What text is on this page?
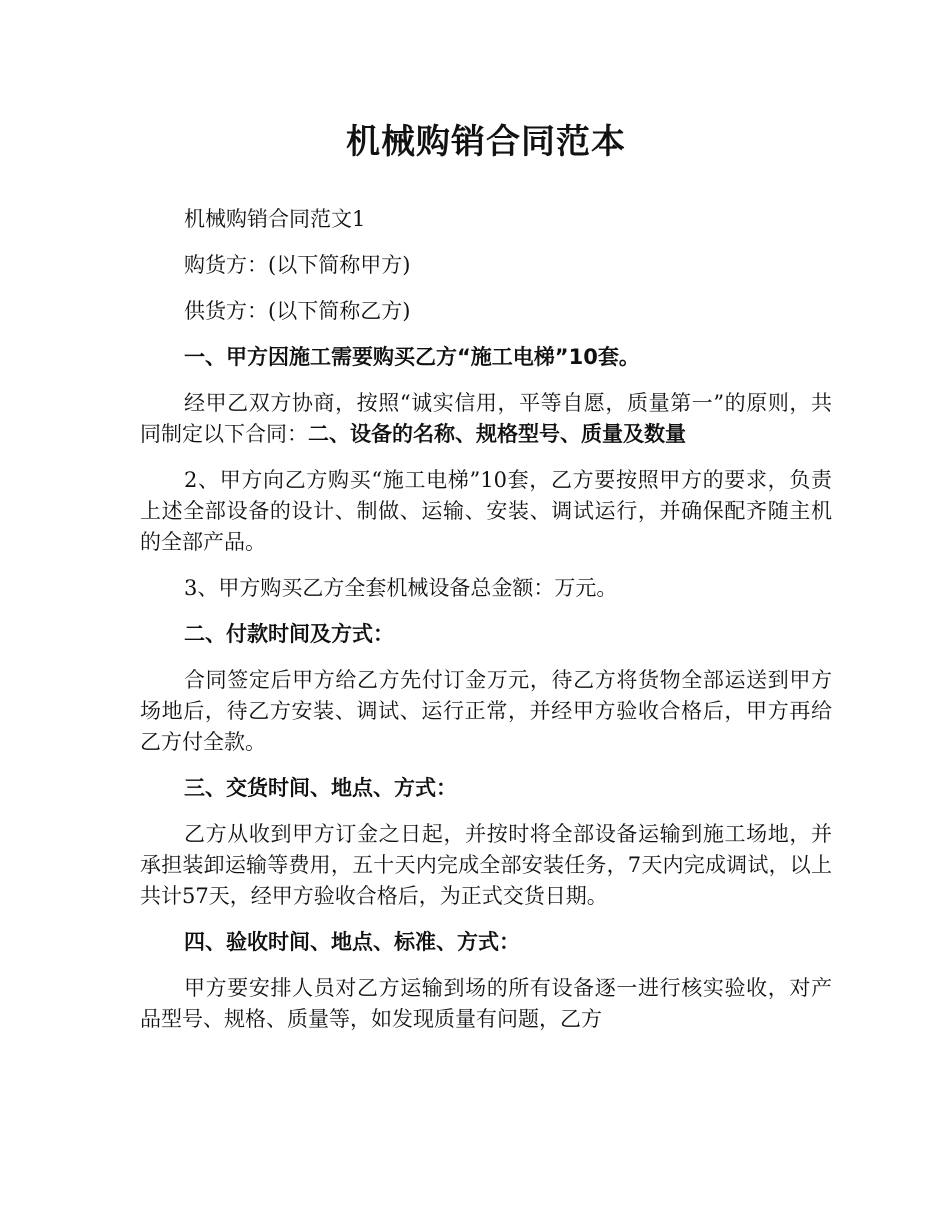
机械购销合同范本

机械购销合同范文1

购货方：(以下简称甲方)

供货方：(以下简称乙方)

一、甲方因施工需要购买乙方“施工电梯”10套。

经甲乙双方协商，按照“诚实信用，平等自愿，质量第一”的原则，共同制定以下合同：二、设备的名称、规格型号、质量及数量

2、甲方向乙方购买“施工电梯”10套，乙方要按照甲方的要求，负责上述全部设备的设计、制做、运输、安装、调试运行，并确保配齐随主机的全部产品。

3、甲方购买乙方全套机械设备总金额：万元。

二、付款时间及方式：

合同签定后甲方给乙方先付订金万元，待乙方将货物全部运送到甲方场地后，待乙方安装、调试、运行正常，并经甲方验收合格后，甲方再给乙方付全款。

三、交货时间、地点、方式：

乙方从收到甲方订金之日起，并按时将全部设备运输到施工场地，并承担装卸运输等费用，五十天内完成全部安装任务，7天内完成调试，以上共计57天，经甲方验收合格后，为正式交货日期。

四、验收时间、地点、标准、方式：

甲方要安排人员对乙方运输到场的所有设备逐一进行核实验收，对产品型号、规格、质量等，如发现质量有问题，乙方
